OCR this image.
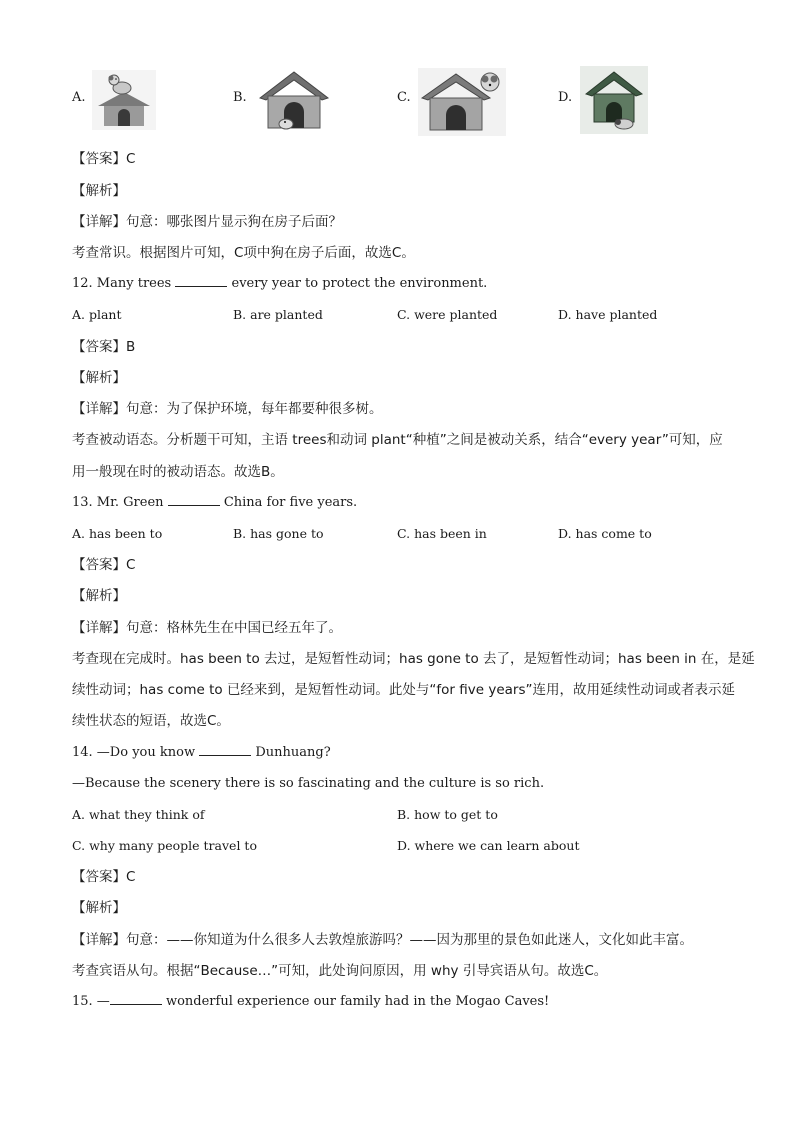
A.	B.	C.	D.
【答案】C
【解析】
【详解】句意：哪张图片显示狗在房子后面？
考查常识。根据图片可知，C项中狗在房子后面，故选C。
12. Many trees	every year to protect the environment.
A. plant	B. are planted	C. were planted	D. have planted
【答案】B
【解析】
【详解】句意：为了保护环境，每年都要种很多树。
考查被动语态。分析题干可知，主语 trees和动词 plant“种植”之间是被动关系，结合“every year”可知，应
用一般现在时的被动语态。故选B。
13. Mr. Green	China for five years.
A. has been to	B. has gone to	C. has been in	D. has come to
【答案】C
【解析】
【详解】句意：格林先生在中国已经五年了。
考查现在完成时。has been to 去过，是短暂性动词；has gone to 去了，是短暂性动词；has been in 在，是延
续性动词；has come to 已经来到，是短暂性动词。此处与“for five years”连用，故用延续性动词或者表示延
续性状态的短语，故选C。
14. —Do you know	Dunhuang?
—Because the scenery there is so fascinating and the culture is so rich.
A. what they think of	B. how to get to
C. why many people travel to	D. where we can learn about
【答案】C
【解析】
【详解】句意：——你知道为什么很多人去敦煌旅游吗？——因为那里的景色如此迷人，文化如此丰富。
考查宾语从句。根据“Because…”可知，此处询问原因，用 why 引导宾语从句。故选C。
15. —	wonderful experience our family had in the Mogao Caves!
